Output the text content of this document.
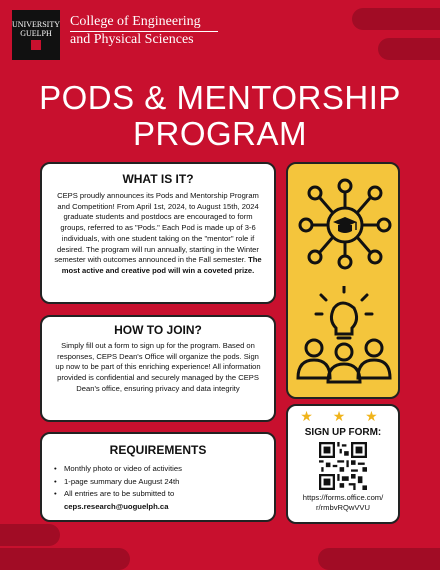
UNIVERSITY
GUELPH
College of Engineering
and Physical Sciences
PODS & MENTORSHIP
PROGRAM
WHAT IS IT?

CEPS proudly announces its Pods and Mentorship Program and Competition! From April 1st, 2024, to August 15th, 2024 graduate students and postdocs are encouraged to form groups, referred to as "Pods." Each Pod is made up of 3-6 individuals, with one student taking on the "mentor" role if desired. The program will run annually, starting in the Winter semester with outcomes announced in the Fall semester. The most active and creative pod will win a coveted prize.

HOW TO JOIN?

Simply fill out a form to sign up for the program. Based on responses, CEPS Dean's Office will organize the pods. Sign up now to be part of this enriching experience! All information provided is confidential and securely managed by the CEPS Dean's office, ensuring privacy and data integrity

REQUIREMENTS
• Monthly photo or video of activities
• 1-page summary due August 24th
• All entries are to be submitted to
ceps.research@uoguelph.ca
★ ★ ★
SIGN UP FORM:
https://forms.office.com/
r/rmbvRQwVVU
